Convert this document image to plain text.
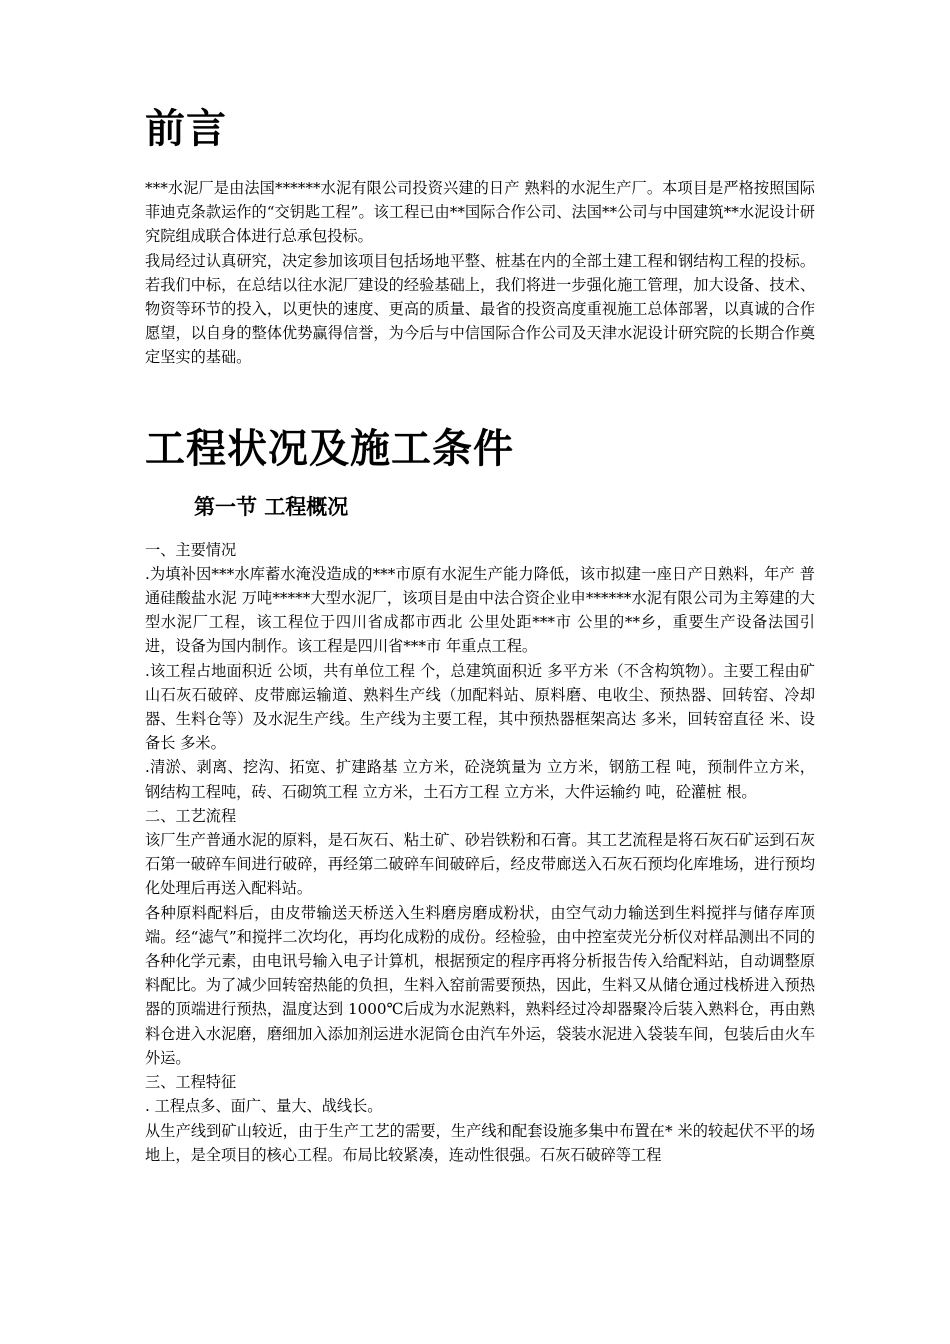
前言

***水泥厂是由法国******水泥有限公司投资兴建的日产 熟料的水泥生产厂。本项目是严格按照国际菲迪克条款运作的“交钥匙工程”。该工程已由**国际合作公司、法国**公司与中国建筑**水泥设计研究院组成联合体进行总承包投标。

我局经过认真研究，决定参加该项目包括场地平整、桩基在内的全部土建工程和钢结构工程的投标。若我们中标，在总结以往水泥厂建设的经验基础上，我们将进一步强化施工管理，加大设备、技术、物资等环节的投入，以更快的速度、更高的质量、最省的投资高度重视施工总体部署，以真诚的合作愿望，以自身的整体优势赢得信誉，为今后与中信国际合作公司及天津水泥设计研究院的长期合作奠定坚实的基础。

工程状况及施工条件
第一节 工程概况

一、主要情况

.为填补因***水库蓄水淹没造成的***市原有水泥生产能力降低，该市拟建一座日产日熟料，年产 普通硅酸盐水泥 万吨*****大型水泥厂，该项目是由中法合资企业申******水泥有限公司为主筹建的大型水泥厂工程，该工程位于四川省成都市西北 公里处距***市 公里的**乡，重要生产设备法国引进，设备为国内制作。该工程是四川省***市 年重点工程。

.该工程占地面积近 公顷，共有单位工程 个，总建筑面积近 多平方米（不含构筑物）。主要工程由矿山石灰石破碎、皮带廊运输道、熟料生产线（加配料站、原料磨、电收尘、预热器、回转窑、冷却器、生料仓等）及水泥生产线。生产线为主要工程，其中预热器框架高达 多米，回转窑直径 米、设备长 多米。

.清淤、剥离、挖沟、拓宽、扩建路基 立方米，砼浇筑量为 立方米，钢筋工程 吨，预制件立方米，钢结构工程吨，砖、石砌筑工程 立方米，土石方工程 立方米，大件运输约 吨，砼灌桩 根。

二、工艺流程

该厂生产普通水泥的原料，是石灰石、粘土矿、砂岩铁粉和石膏。其工艺流程是将石灰石矿运到石灰石第一破碎车间进行破碎，再经第二破碎车间破碎后，经皮带廊送入石灰石预均化库堆场，进行预均化处理后再送入配料站。

各种原料配料后，由皮带输送天桥送入生料磨房磨成粉状，由空气动力输送到生料搅拌与储存库顶端。经“滤气”和搅拌二次均化，再均化成粉的成份。经检验，由中控室荧光分析仪对样品测出不同的各种化学元素，由电讯号输入电子计算机，根据预定的程序再将分析报告传入给配料站，自动调整原料配比。为了减少回转窑热能的负担，生料入窑前需要预热，因此，生料又从储仓通过栈桥进入预热器的顶端进行预热，温度达到 1000℃后成为水泥熟料，熟料经过冷却器聚冷后装入熟料仓，再由熟料仓进入水泥磨，磨细加入添加剂运进水泥筒仓由汽车外运，袋装水泥进入袋装车间，包装后由火车外运。

三、工程特征

. 工程点多、面广、量大、战线长。

从生产线到矿山较近，由于生产工艺的需要，生产线和配套设施多集中布置在* 米的较起伏不平的场地上，是全项目的核心工程。布局比较紧凑，连动性很强。石灰石破碎等工程
